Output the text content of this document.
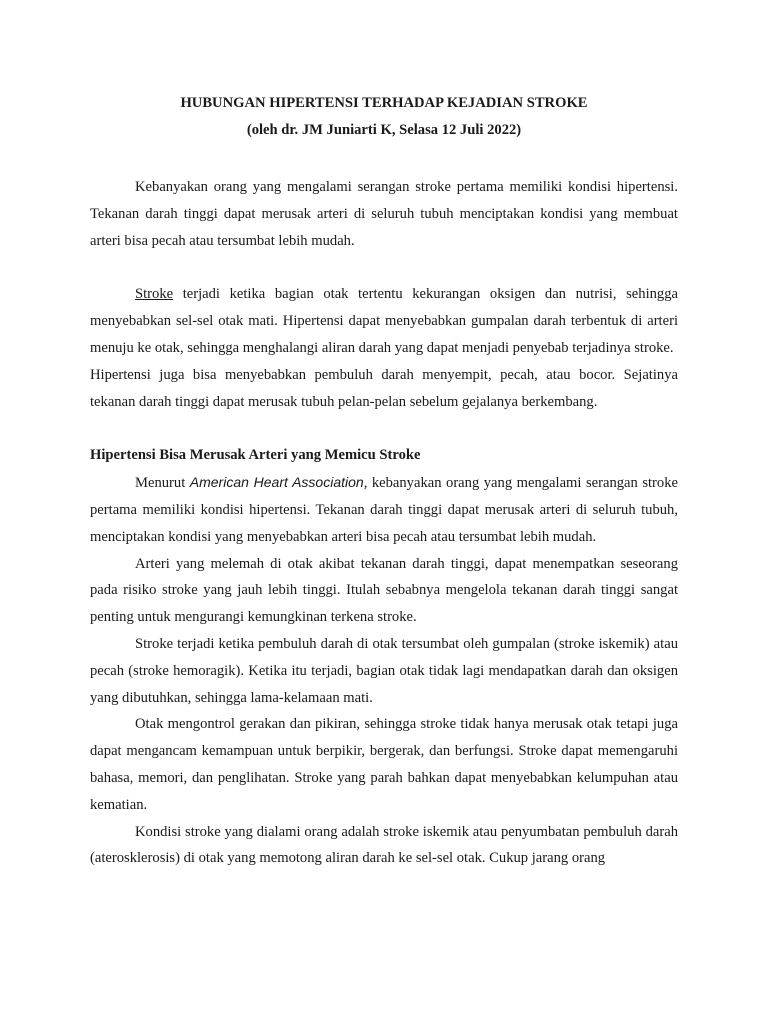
HUBUNGAN HIPERTENSI TERHADAP KEJADIAN STROKE

(oleh dr. JM Juniarti K, Selasa 12 Juli 2022)

Kebanyakan orang yang mengalami serangan stroke pertama memiliki kondisi hipertensi. Tekanan darah tinggi dapat merusak arteri di seluruh tubuh menciptakan kondisi yang membuat arteri bisa pecah atau tersumbat lebih mudah.

Stroke terjadi ketika bagian otak tertentu kekurangan oksigen dan nutrisi, sehingga menyebabkan sel-sel otak mati. Hipertensi dapat menyebabkan gumpalan darah terbentuk di arteri menuju ke otak, sehingga menghalangi aliran darah yang dapat menjadi penyebab terjadinya stroke.

Hipertensi juga bisa menyebabkan pembuluh darah menyempit, pecah, atau bocor. Sejatinya tekanan darah tinggi dapat merusak tubuh pelan-pelan sebelum gejalanya berkembang.

Hipertensi Bisa Merusak Arteri yang Memicu Stroke

Menurut American Heart Association, kebanyakan orang yang mengalami serangan stroke pertama memiliki kondisi hipertensi. Tekanan darah tinggi dapat merusak arteri di seluruh tubuh, menciptakan kondisi yang menyebabkan arteri bisa pecah atau tersumbat lebih mudah.

Arteri yang melemah di otak akibat tekanan darah tinggi, dapat menempatkan seseorang pada risiko stroke yang jauh lebih tinggi. Itulah sebabnya mengelola tekanan darah tinggi sangat penting untuk mengurangi kemungkinan terkena stroke.

Stroke terjadi ketika pembuluh darah di otak tersumbat oleh gumpalan (stroke iskemik) atau pecah (stroke hemoragik). Ketika itu terjadi, bagian otak tidak lagi mendapatkan darah dan oksigen yang dibutuhkan, sehingga lama-kelamaan mati.

Otak mengontrol gerakan dan pikiran, sehingga stroke tidak hanya merusak otak tetapi juga dapat mengancam kemampuan untuk berpikir, bergerak, dan berfungsi. Stroke dapat memengaruhi bahasa, memori, dan penglihatan. Stroke yang parah bahkan dapat menyebabkan kelumpuhan atau kematian.

Kondisi stroke yang dialami orang adalah stroke iskemik atau penyumbatan pembuluh darah (aterosklerosis) di otak yang memotong aliran darah ke sel-sel otak. Cukup jarang orang
